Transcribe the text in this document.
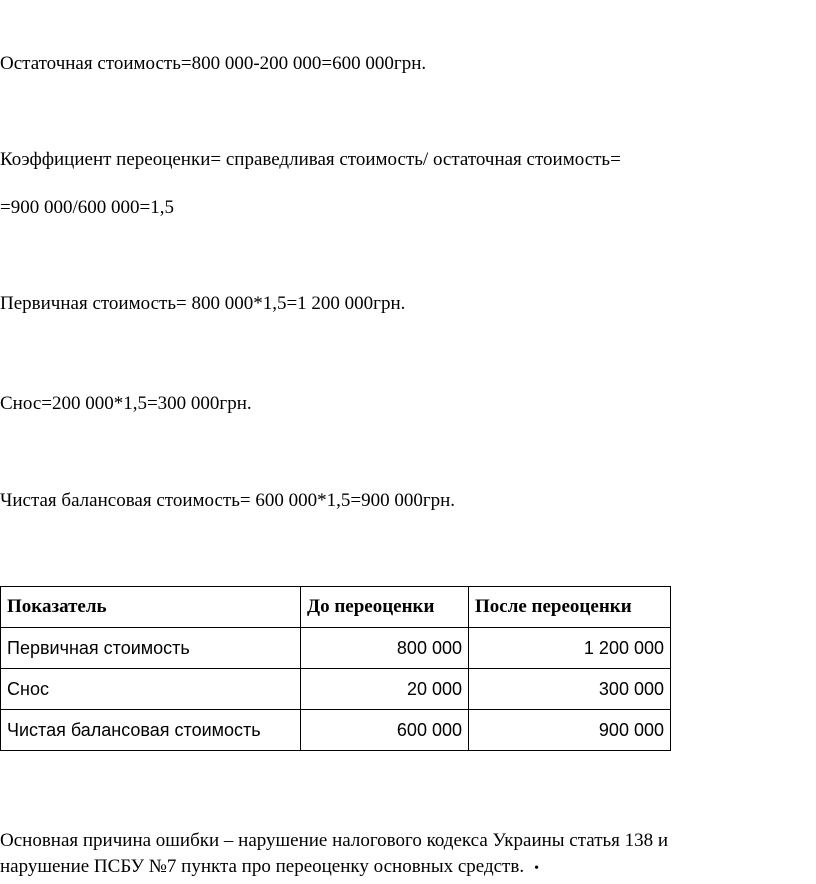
Остаточная стоимость=800 000-200 000=600 000грн.
Коэффициент переоценки= справедливая стоимость/ остаточная стоимость=
=900 000/600 000=1,5
Первичная стоимость= 800 000*1,5=1 200 000грн.
Снос=200 000*1,5=300 000грн.
Чистая балансовая стоимость= 600 000*1,5=900 000грн.
Показатель	До переоценки	После переоценки
Первичная стоимость	800 000	1 200 000
Снос	20 000	300 000
Чистая балансовая стоимость	600 000	900 000
Основная причина ошибки – нарушение налогового кодекса Украины статья 138 и
нарушение ПСБУ №7 пункта про переоценку основных средств. •
